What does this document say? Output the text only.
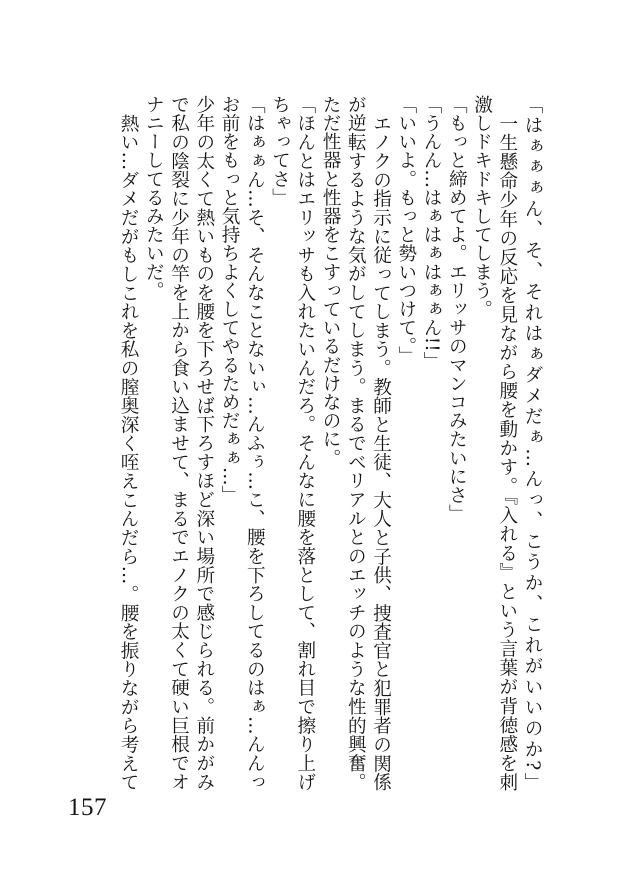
「はぁぁぁん、そ、それはぁダメだぁ…んっ、こうか、これがいいのか?」

一生懸命少年の反応を見ながら腰を動かす。『入れる』という言葉が背徳感を刺

激しドキドキしてしまう。

「もっと締めてよ。エリッサのマンコみたいにさ」

「うんん…はぁはぁはぁぁん!!」

「いいよ。もっと勢いつけて。」

エノクの指示に従ってしまう。教師と生徒、大人と子供、捜査官と犯罪者の関係

が逆転するような気がしてしまう。まるでベリアルとのエッチのような性的興奮。

ただ性器と性器をこすっているだけなのに。

「ほんとはエリッサも入れたいんだろ。そんなに腰を落として、割れ目で擦り上げ

ちゃってさ」

「はぁぁん…そ、そんなことないぃ…んふぅ…こ、腰を下ろしてるのはぁ…んんっ

お前をもっと気持ちよくしてやるためだぁぁ…」

少年の太くて熱いものを腰を下ろせば下ろすほど深い場所で感じられる。前かがみ

で私の陰裂に少年の竿を上から食い込ませて、まるでエノクの太くて硬い巨根でオ

ナニーしてるみたいだ。

熱い…ダメだがもしこれを私の膣奥深く咥えこんだら…。腰を振りながら考えて

157
